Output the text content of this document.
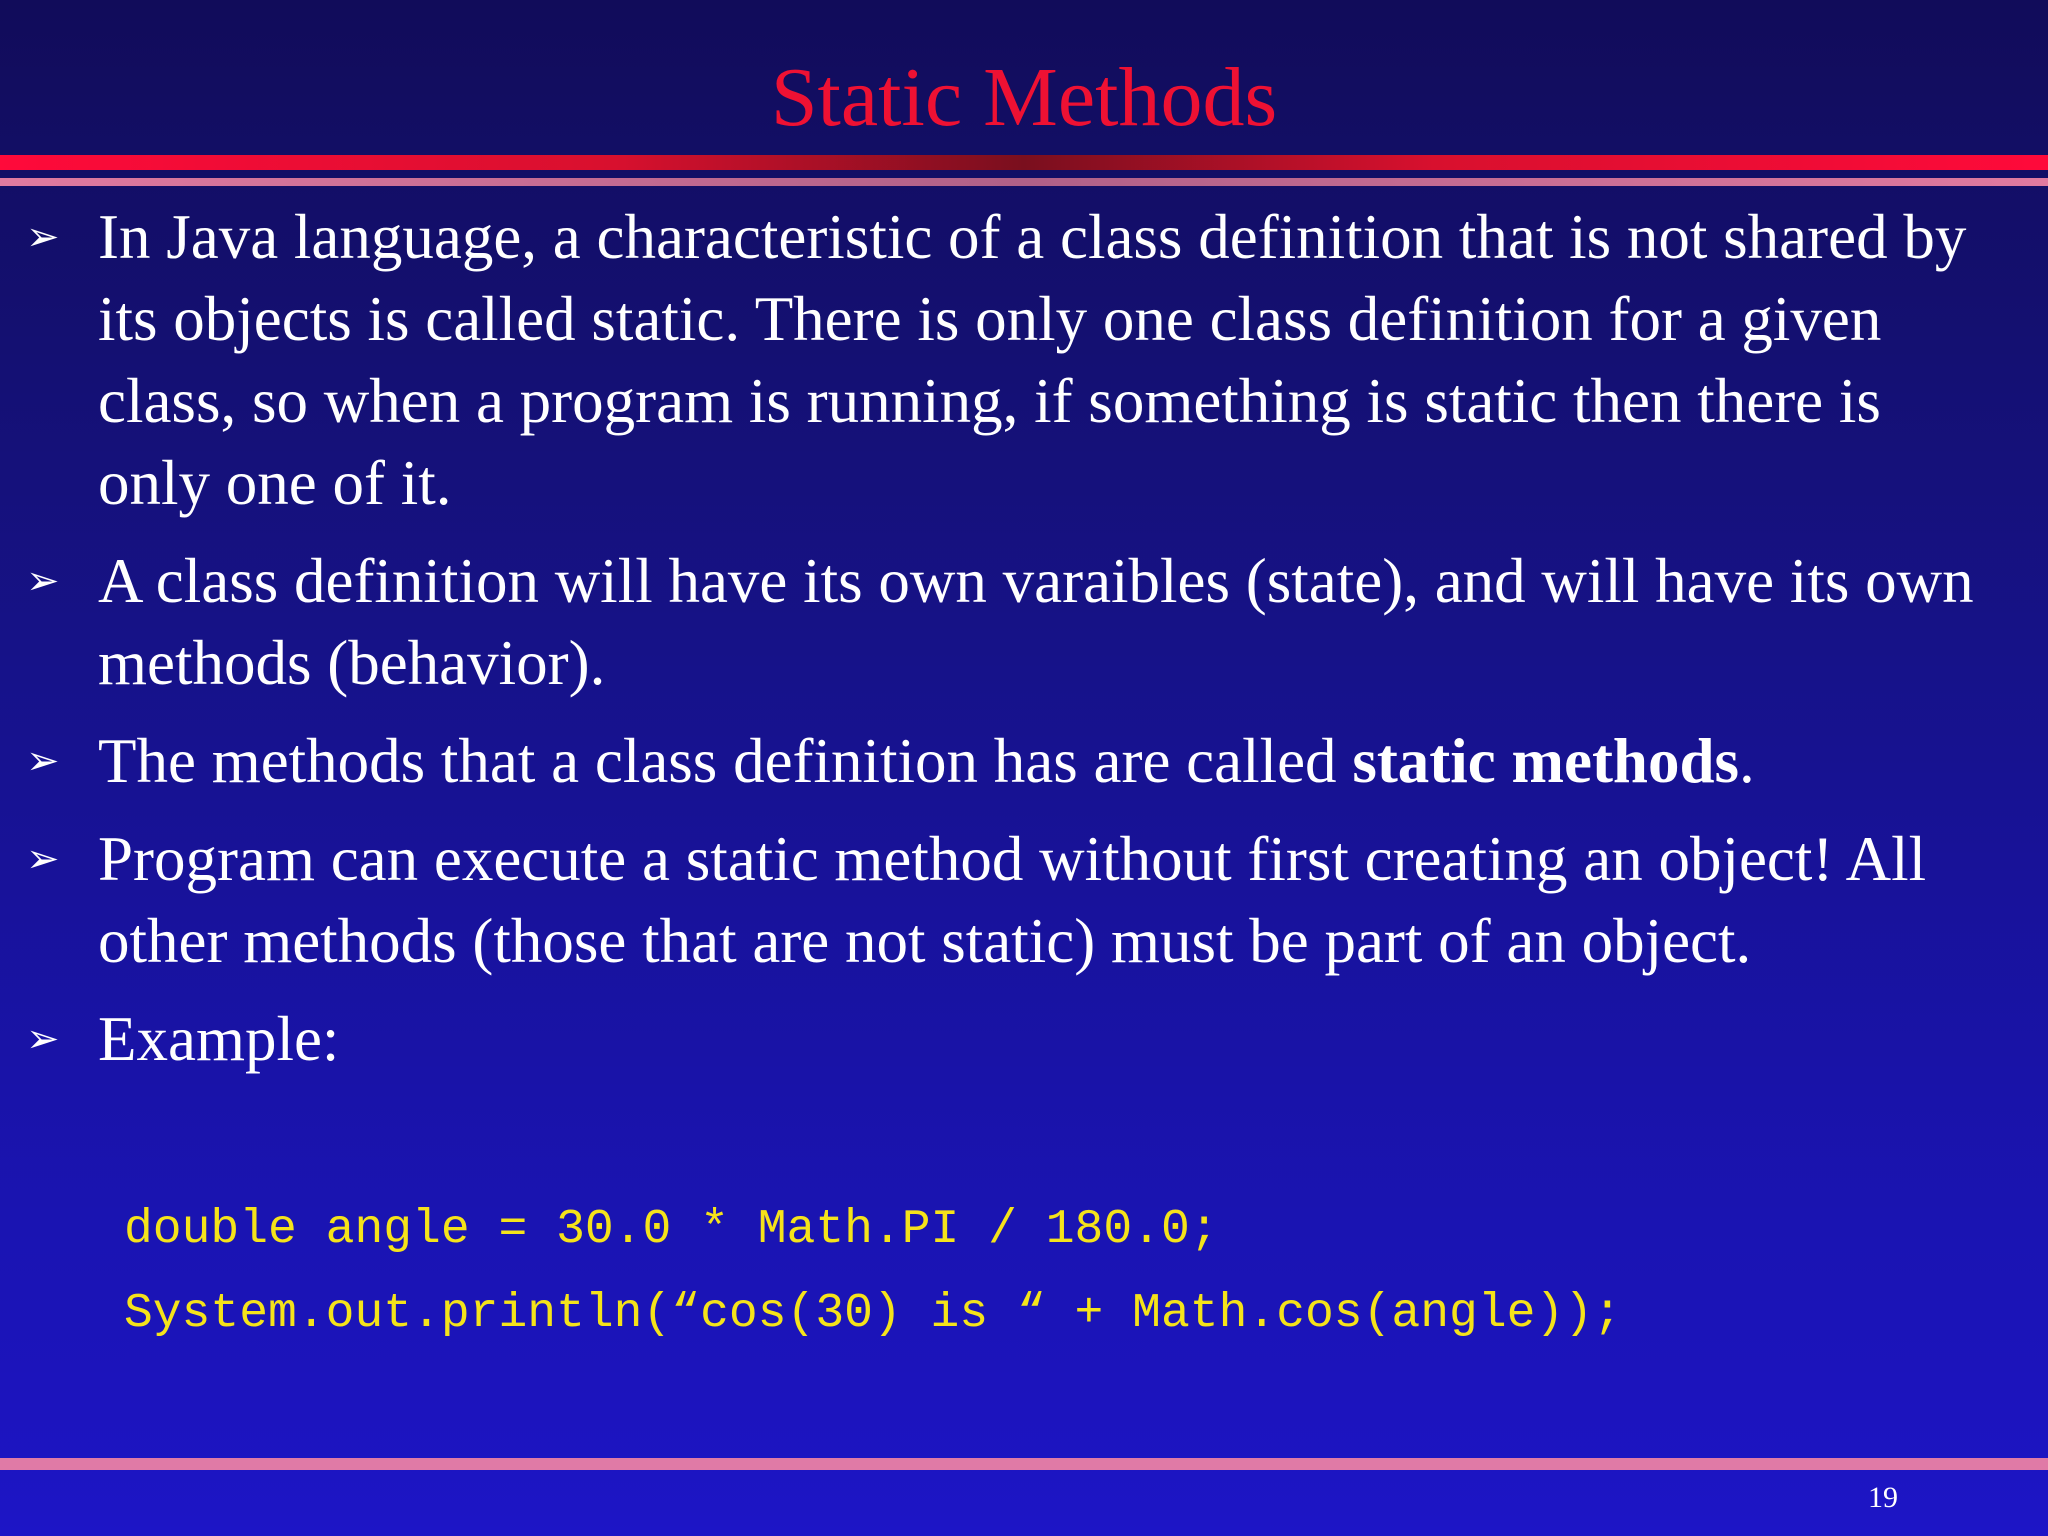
Static Methods
➢ In Java language, a characteristic of a class definition that is not shared by its objects is called static. There is only one class definition for a given class, so when a program is running, if something is static then there is only one of it.
➢ A class definition will have its own varaibles (state), and will have its own methods (behavior).
➢ The methods that a class definition has are called static methods.
➢ Program can execute a static method without first creating an object! All other methods (those that are not static) must be part of an object.
➢ Example:
double angle = 30.0 * Math.PI / 180.0;
System.out.println(“cos(30) is “ + Math.cos(angle));
19
